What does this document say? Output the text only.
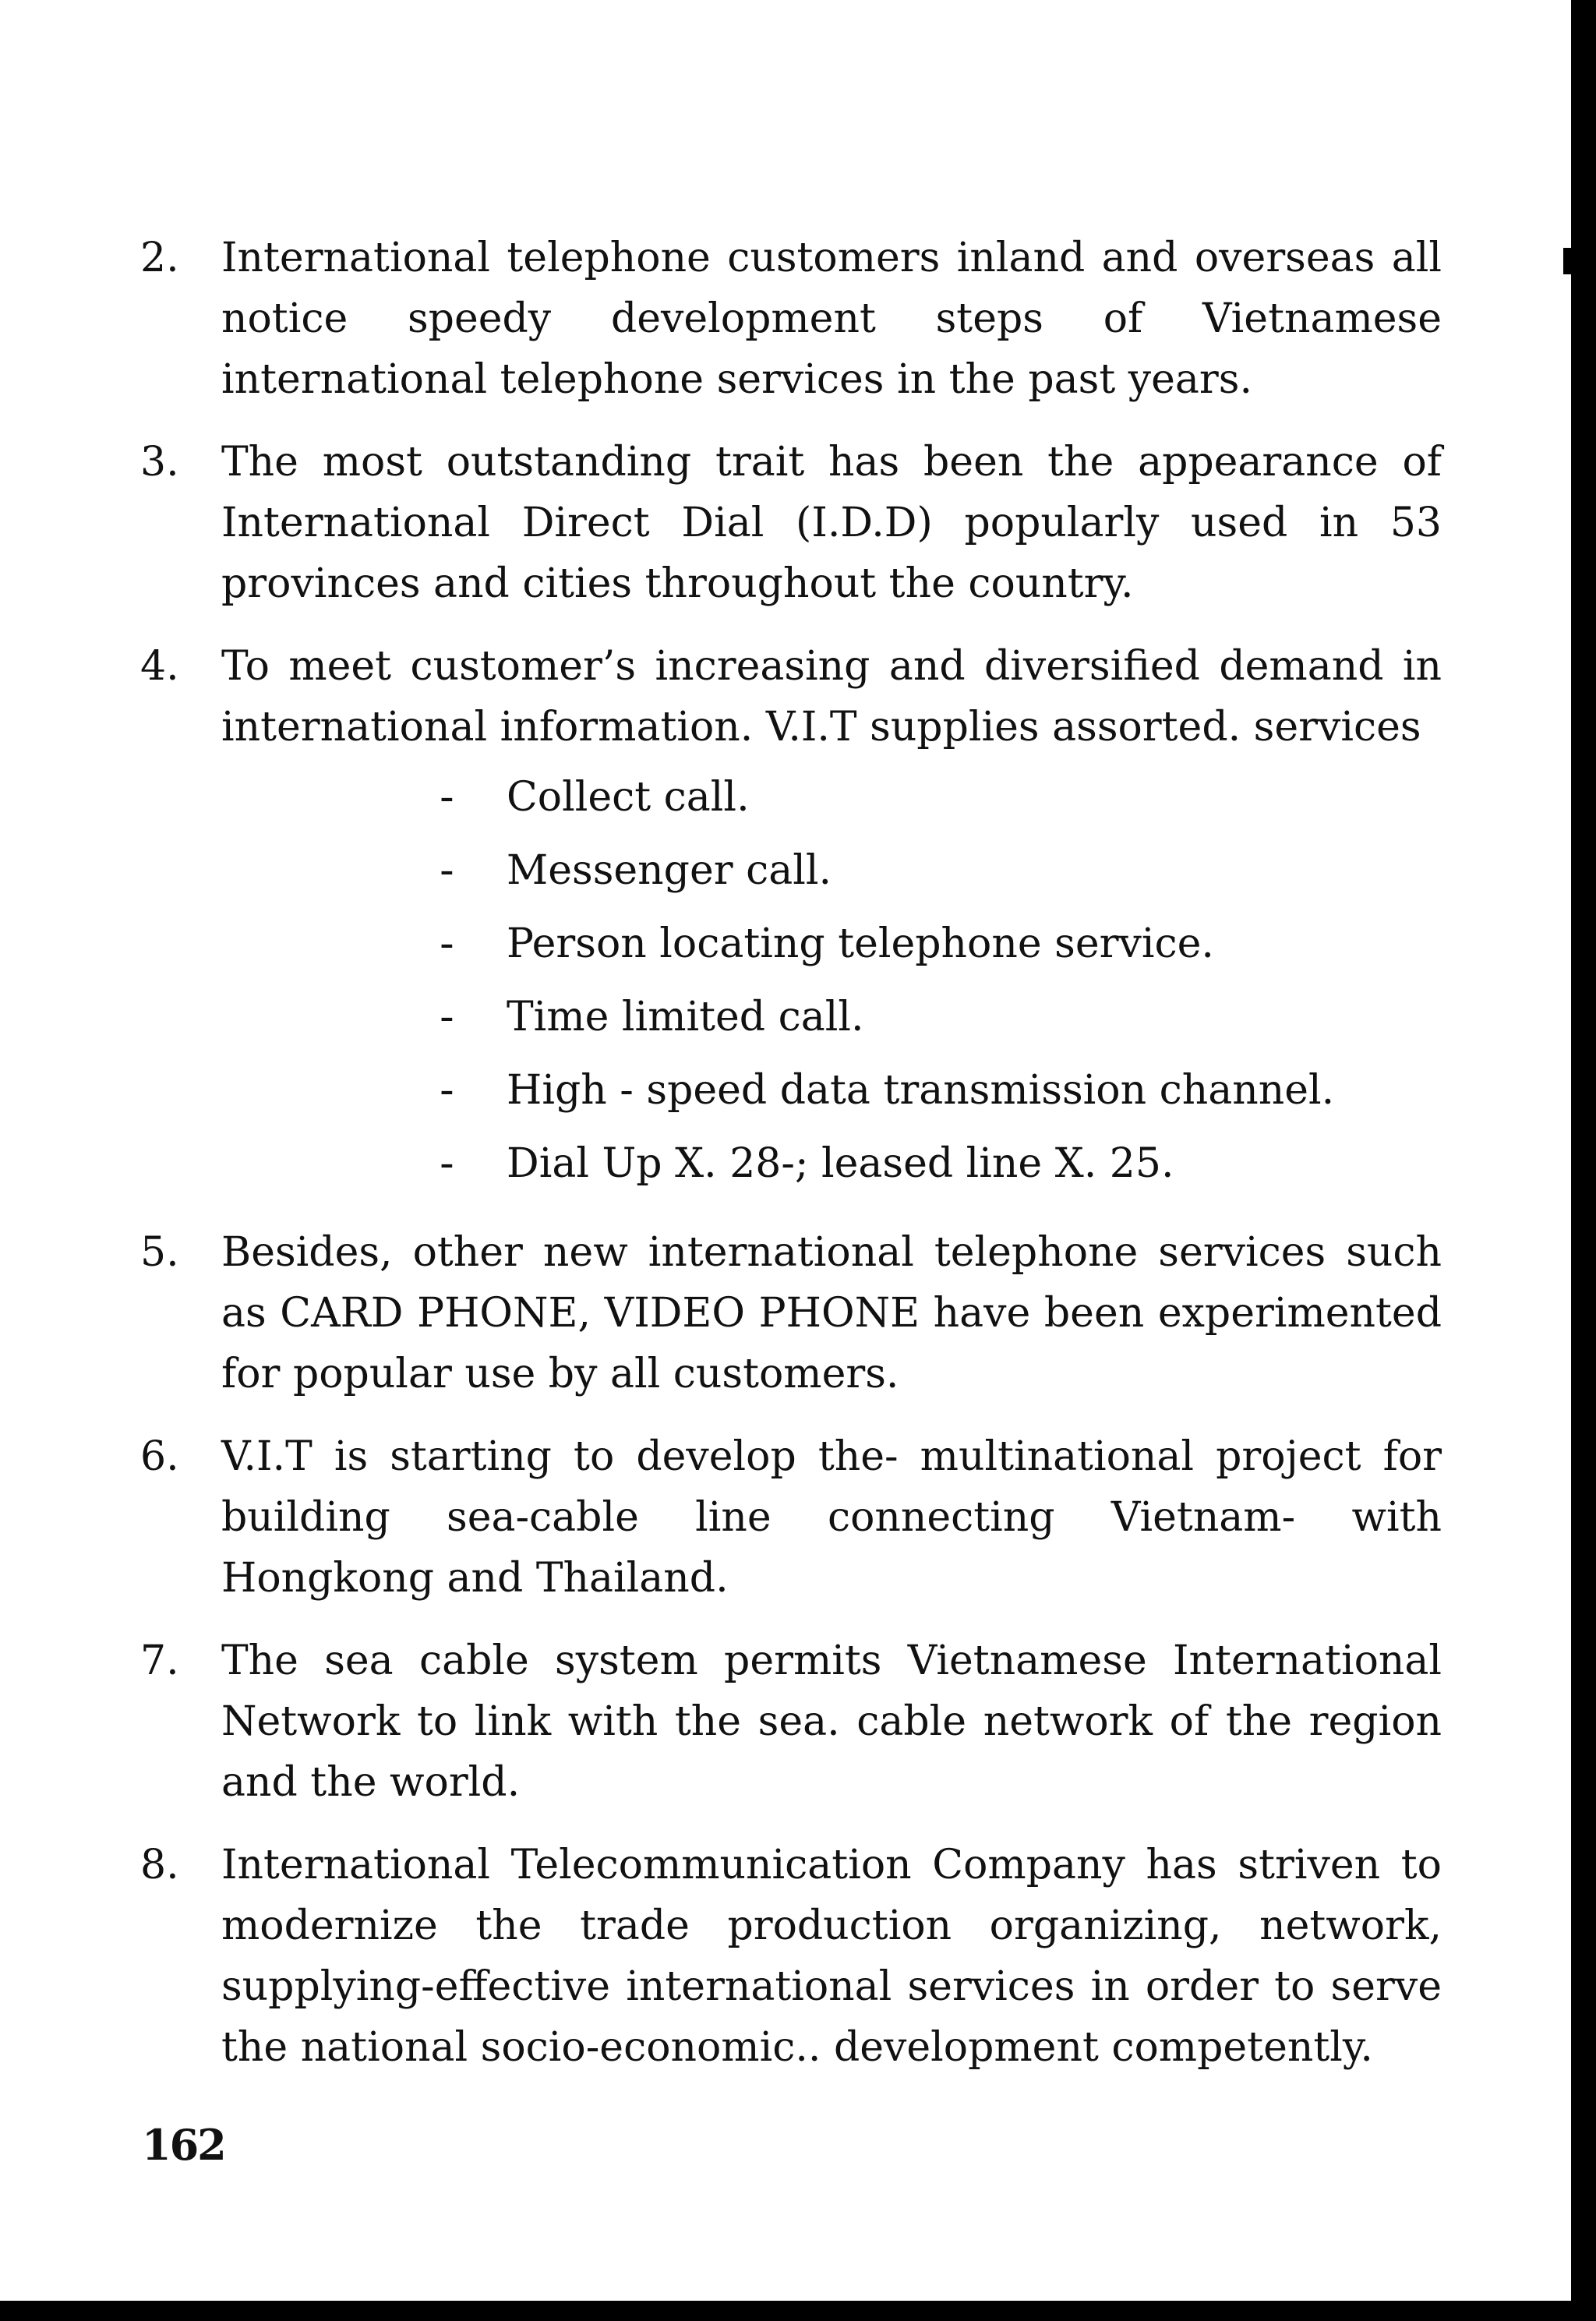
2.	International telephone customers inland and overseas all notice speedy development steps of Vietnamese international telephone services in the past years.
3.	The most outstanding trait has been the appearance of International Direct Dial (I.D.D) popularly used in 53 provinces and cities throughout the country.
4.	To meet customer’s increasing and diversified demand in international information. V.I.T supplies assorted. services
-	Collect call.
-	Messenger call.
-	Person locating telephone service.
-	Time limited call.
-	High - speed data transmission channel.
-	Dial Up X. 28-; leased line X. 25.
5.	Besides, other new international telephone services such as CARD PHONE, VIDEO PHONE have been experimented for popular use by all customers.
6.	V.I.T is starting to develop the- multinational project for building sea-cable line connecting Vietnam- with Hongkong and Thailand.
7.	The sea cable system permits Vietnamese International Network to link with the sea. cable network of the region and the world.
8.	International Telecommunication Company has striven to modernize the trade production organizing, network, supplying-effective international services in order to serve the national socio-economic.. development competently.
162
